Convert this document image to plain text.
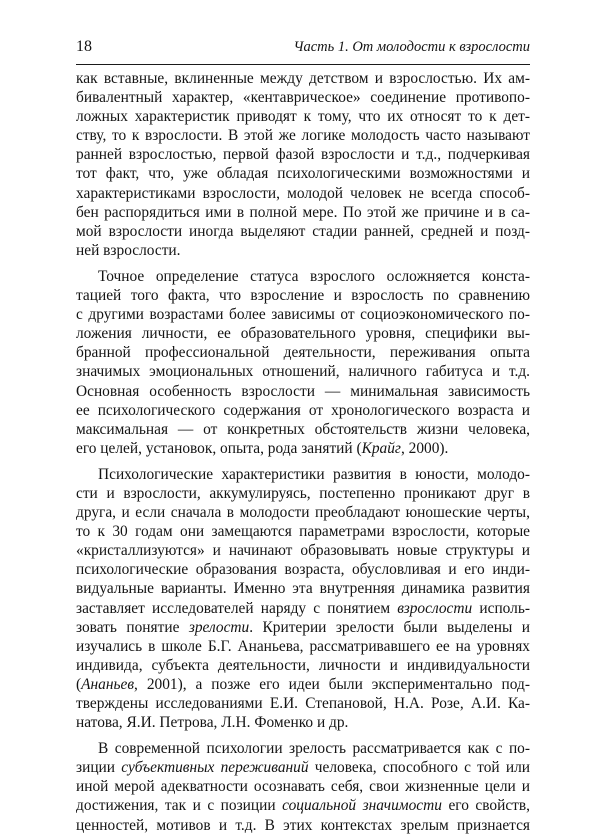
18	Часть 1. От молодости к взрослости
как вставные, вклиненные между детством и взрослостью. Их ам-
бивалентный характер, «кентаврическое» соединение противопо-
ложных характеристик приводят к тому, что их относят то к дет-
ству, то к взрослости. В этой же логике молодость часто называют
ранней взрослостью, первой фазой взрослости и т.д., подчеркивая
тот факт, что, уже обладая психологическими возможностями и
характеристиками взрослости, молодой человек не всегда способ-
бен распорядиться ими в полной мере. По этой же причине и в са-
мой взрослости иногда выделяют стадии ранней, средней и позд-
ней взрослости.
Точное определение статуса взрослого осложняется конста-
тацией того факта, что взросление и взрослость по сравнению
с другими возрастами более зависимы от социоэкономического по-
ложения личности, ее образовательного уровня, специфики вы-
бранной профессиональной деятельности, переживания опыта
значимых эмоциональных отношений, наличного габитуса и т.д.
Основная особенность взрослости — минимальная зависимость
ее психологического содержания от хронологического возраста и
максимальная — от конкретных обстоятельств жизни человека,
его целей, установок, опыта, рода занятий (Крайг, 2000).
Психологические характеристики развития в юности, молодо-
сти и взрослости, аккумулируясь, постепенно проникают друг в
друга, и если сначала в молодости преобладают юношеские черты,
то к 30 годам они замещаются параметрами взрослости, которые
«кристаллизуются» и начинают образовывать новые структуры и
психологические образования возраста, обусловливая и его инди-
видуальные варианты. Именно эта внутренняя динамика развития
заставляет исследователей наряду с понятием взрослости исполь-
зовать понятие зрелости. Критерии зрелости были выделены и
изучались в школе Б.Г. Ананьева, рассматривавшего ее на уровнях
индивида, субъекта деятельности, личности и индивидуальности
(Ананьев, 2001), а позже его идеи были экспериментально под-
тверждены исследованиями Е.И. Степановой, Н.А. Розе, А.И. Ка-
натова, Я.И. Петрова, Л.Н. Фоменко и др.
В современной психологии зрелость рассматривается как с по-
зиции субъективных переживаний человека, способного с той или
иной мерой адекватности осознавать себя, свои жизненные цели и
достижения, так и с позиции социальной значимости его свойств,
ценностей, мотивов и т.д. В этих контекстах зрелым признается
